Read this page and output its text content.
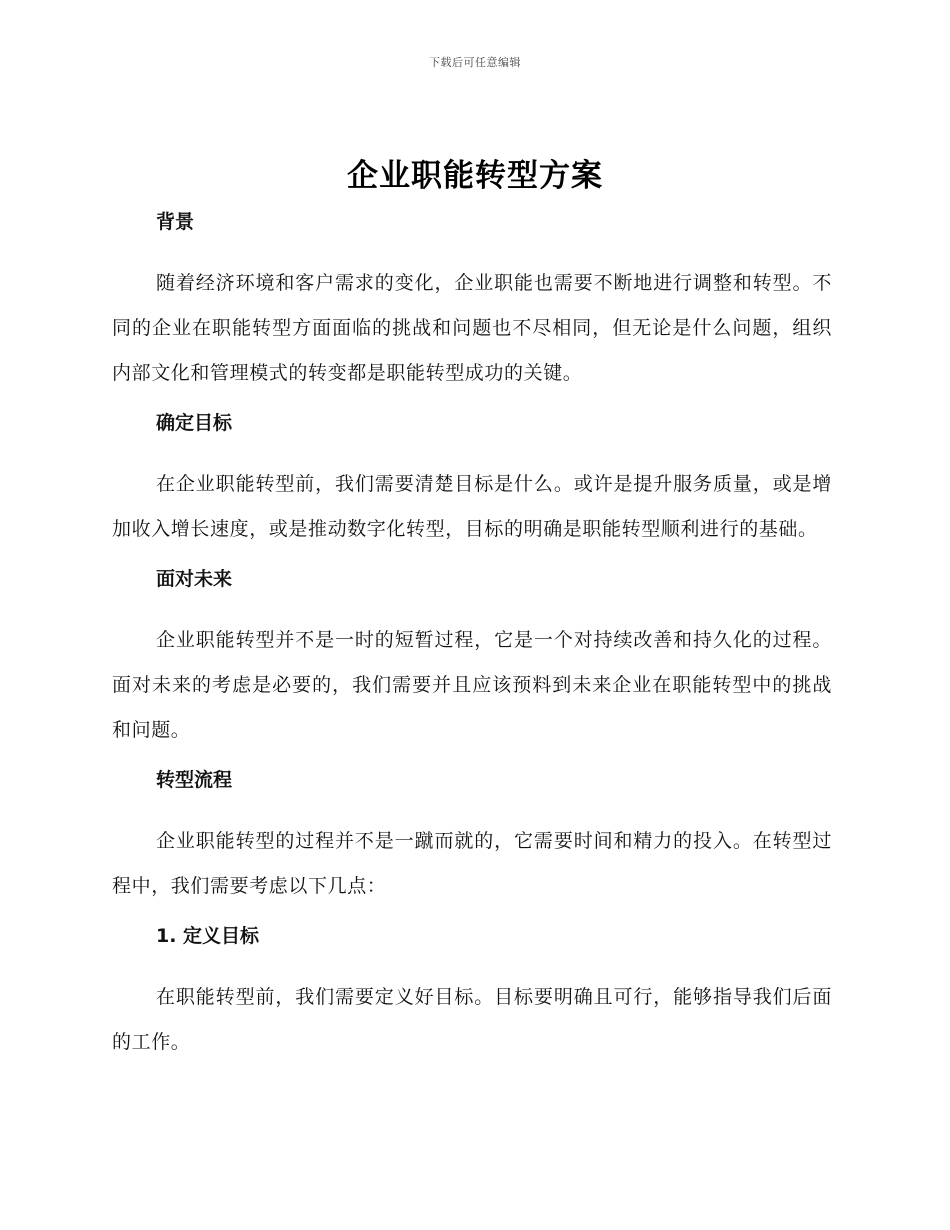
下载后可任意编辑
企业职能转型方案
背景

随着经济环境和客户需求的变化，企业职能也需要不断地进行调整和转型。不同的企业在职能转型方面面临的挑战和问题也不尽相同，但无论是什么问题，组织内部文化和管理模式的转变都是职能转型成功的关键。

确定目标

在企业职能转型前，我们需要清楚目标是什么。或许是提升服务质量，或是增加收入增长速度，或是推动数字化转型，目标的明确是职能转型顺利进行的基础。

面对未来

企业职能转型并不是一时的短暂过程，它是一个对持续改善和持久化的过程。面对未来的考虑是必要的，我们需要并且应该预料到未来企业在职能转型中的挑战和问题。

转型流程

企业职能转型的过程并不是一蹴而就的，它需要时间和精力的投入。在转型过程中，我们需要考虑以下几点：

1. 定义目标

在职能转型前，我们需要定义好目标。目标要明确且可行，能够指导我们后面的工作。
